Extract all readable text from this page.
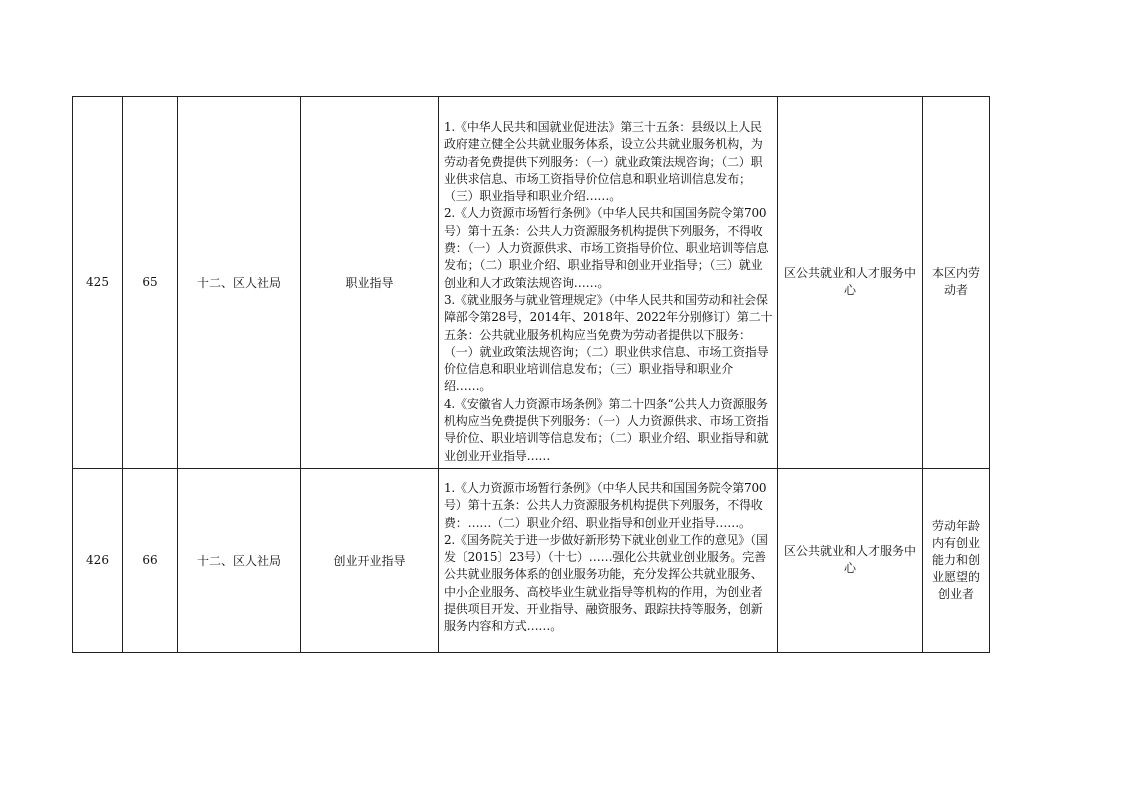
425	65	十二、区人社局	职业指导	1.《中华人民共和国就业促进法》第三十五条：县级以上人民政府建立健全公共就业服务体系，设立公共就业服务机构，为劳动者免费提供下列服务：（一）就业政策法规咨询；（二）职业供求信息、市场工资指导价位信息和职业培训信息发布；（三）职业指导和职业介绍……。
2.《人力资源市场暂行条例》（中华人民共和国国务院令第700号）第十五条：公共人力资源服务机构提供下列服务，不得收费：（一）人力资源供求、市场工资指导价位、职业培训等信息发布；（二）职业介绍、职业指导和创业开业指导；（三）就业创业和人才政策法规咨询……。
3.《就业服务与就业管理规定》（中华人民共和国劳动和社会保障部令第28号，2014年、2018年、2022年分别修订）第二十五条：公共就业服务机构应当免费为劳动者提供以下服务：（一）就业政策法规咨询；（二）职业供求信息、市场工资指导价位信息和职业培训信息发布；（三）职业指导和职业介绍……。
4.《安徽省人力资源市场条例》第二十四条“公共人力资源服务机构应当免费提供下列服务：（一）人力资源供求、市场工资指导价位、职业培训等信息发布；（二）职业介绍、职业指导和就业创业开业指导……	区公共就业和人才服务中心	本区内劳动者
426	66	十二、区人社局	创业开业指导	1.《人力资源市场暂行条例》（中华人民共和国国务院令第700号）第十五条：公共人力资源服务机构提供下列服务，不得收费：……（二）职业介绍、职业指导和创业开业指导……。
2.《国务院关于进一步做好新形势下就业创业工作的意见》（国发〔2015〕23号）（十七）……强化公共就业创业服务。完善公共就业服务体系的创业服务功能，充分发挥公共就业服务、中小企业服务、高校毕业生就业指导等机构的作用，为创业者提供项目开发、开业指导、融资服务、跟踪扶持等服务，创新服务内容和方式……。	区公共就业和人才服务中心	劳动年龄内有创业能力和创业愿望的创业者
